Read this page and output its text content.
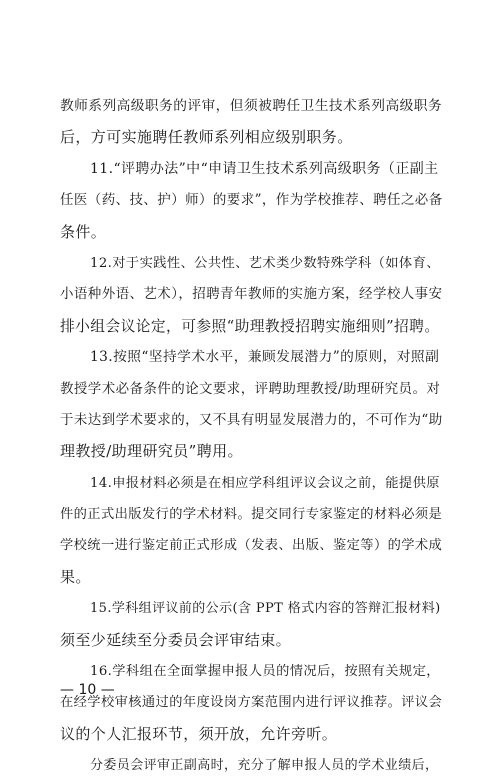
教师系列高级职务的评审，但须被聘任卫生技术系列高级职务
后，方可实施聘任教师系列相应级别职务。
11.“评聘办法”中“申请卫生技术系列高级职务（正副主
任医（药、技、护）师）的要求”，作为学校推荐、聘任之必备
条件。
12.对于实践性、公共性、艺术类少数特殊学科（如体育、
小语种外语、艺术），招聘青年教师的实施方案，经学校人事安
排小组会议论定，可参照“助理教授招聘实施细则”招聘。
13.按照“坚持学术水平，兼顾发展潜力”的原则，对照副
教授学术必备条件的论文要求，评聘助理教授/助理研究员。对
于未达到学术要求的，又不具有明显发展潜力的，不可作为“助
理教授/助理研究员”聘用。
14.申报材料必须是在相应学科组评议会议之前，能提供原
件的正式出版发行的学术材料。提交同行专家鉴定的材料必须是
学校统一进行鉴定前正式形成（发表、出版、鉴定等）的学术成
果。
15.学科组评议前的公示(含 PPT 格式内容的答辩汇报材料)
须至少延续至分委员会评审结束。
16.学科组在全面掌握申报人员的情况后，按照有关规定，
在经学校审核通过的年度设岗方案范围内进行评议推荐。评议会
议的个人汇报环节，须开放，允许旁听。
分委员会评审正副高时，充分了解申报人员的学术业绩后，
— 10 —
